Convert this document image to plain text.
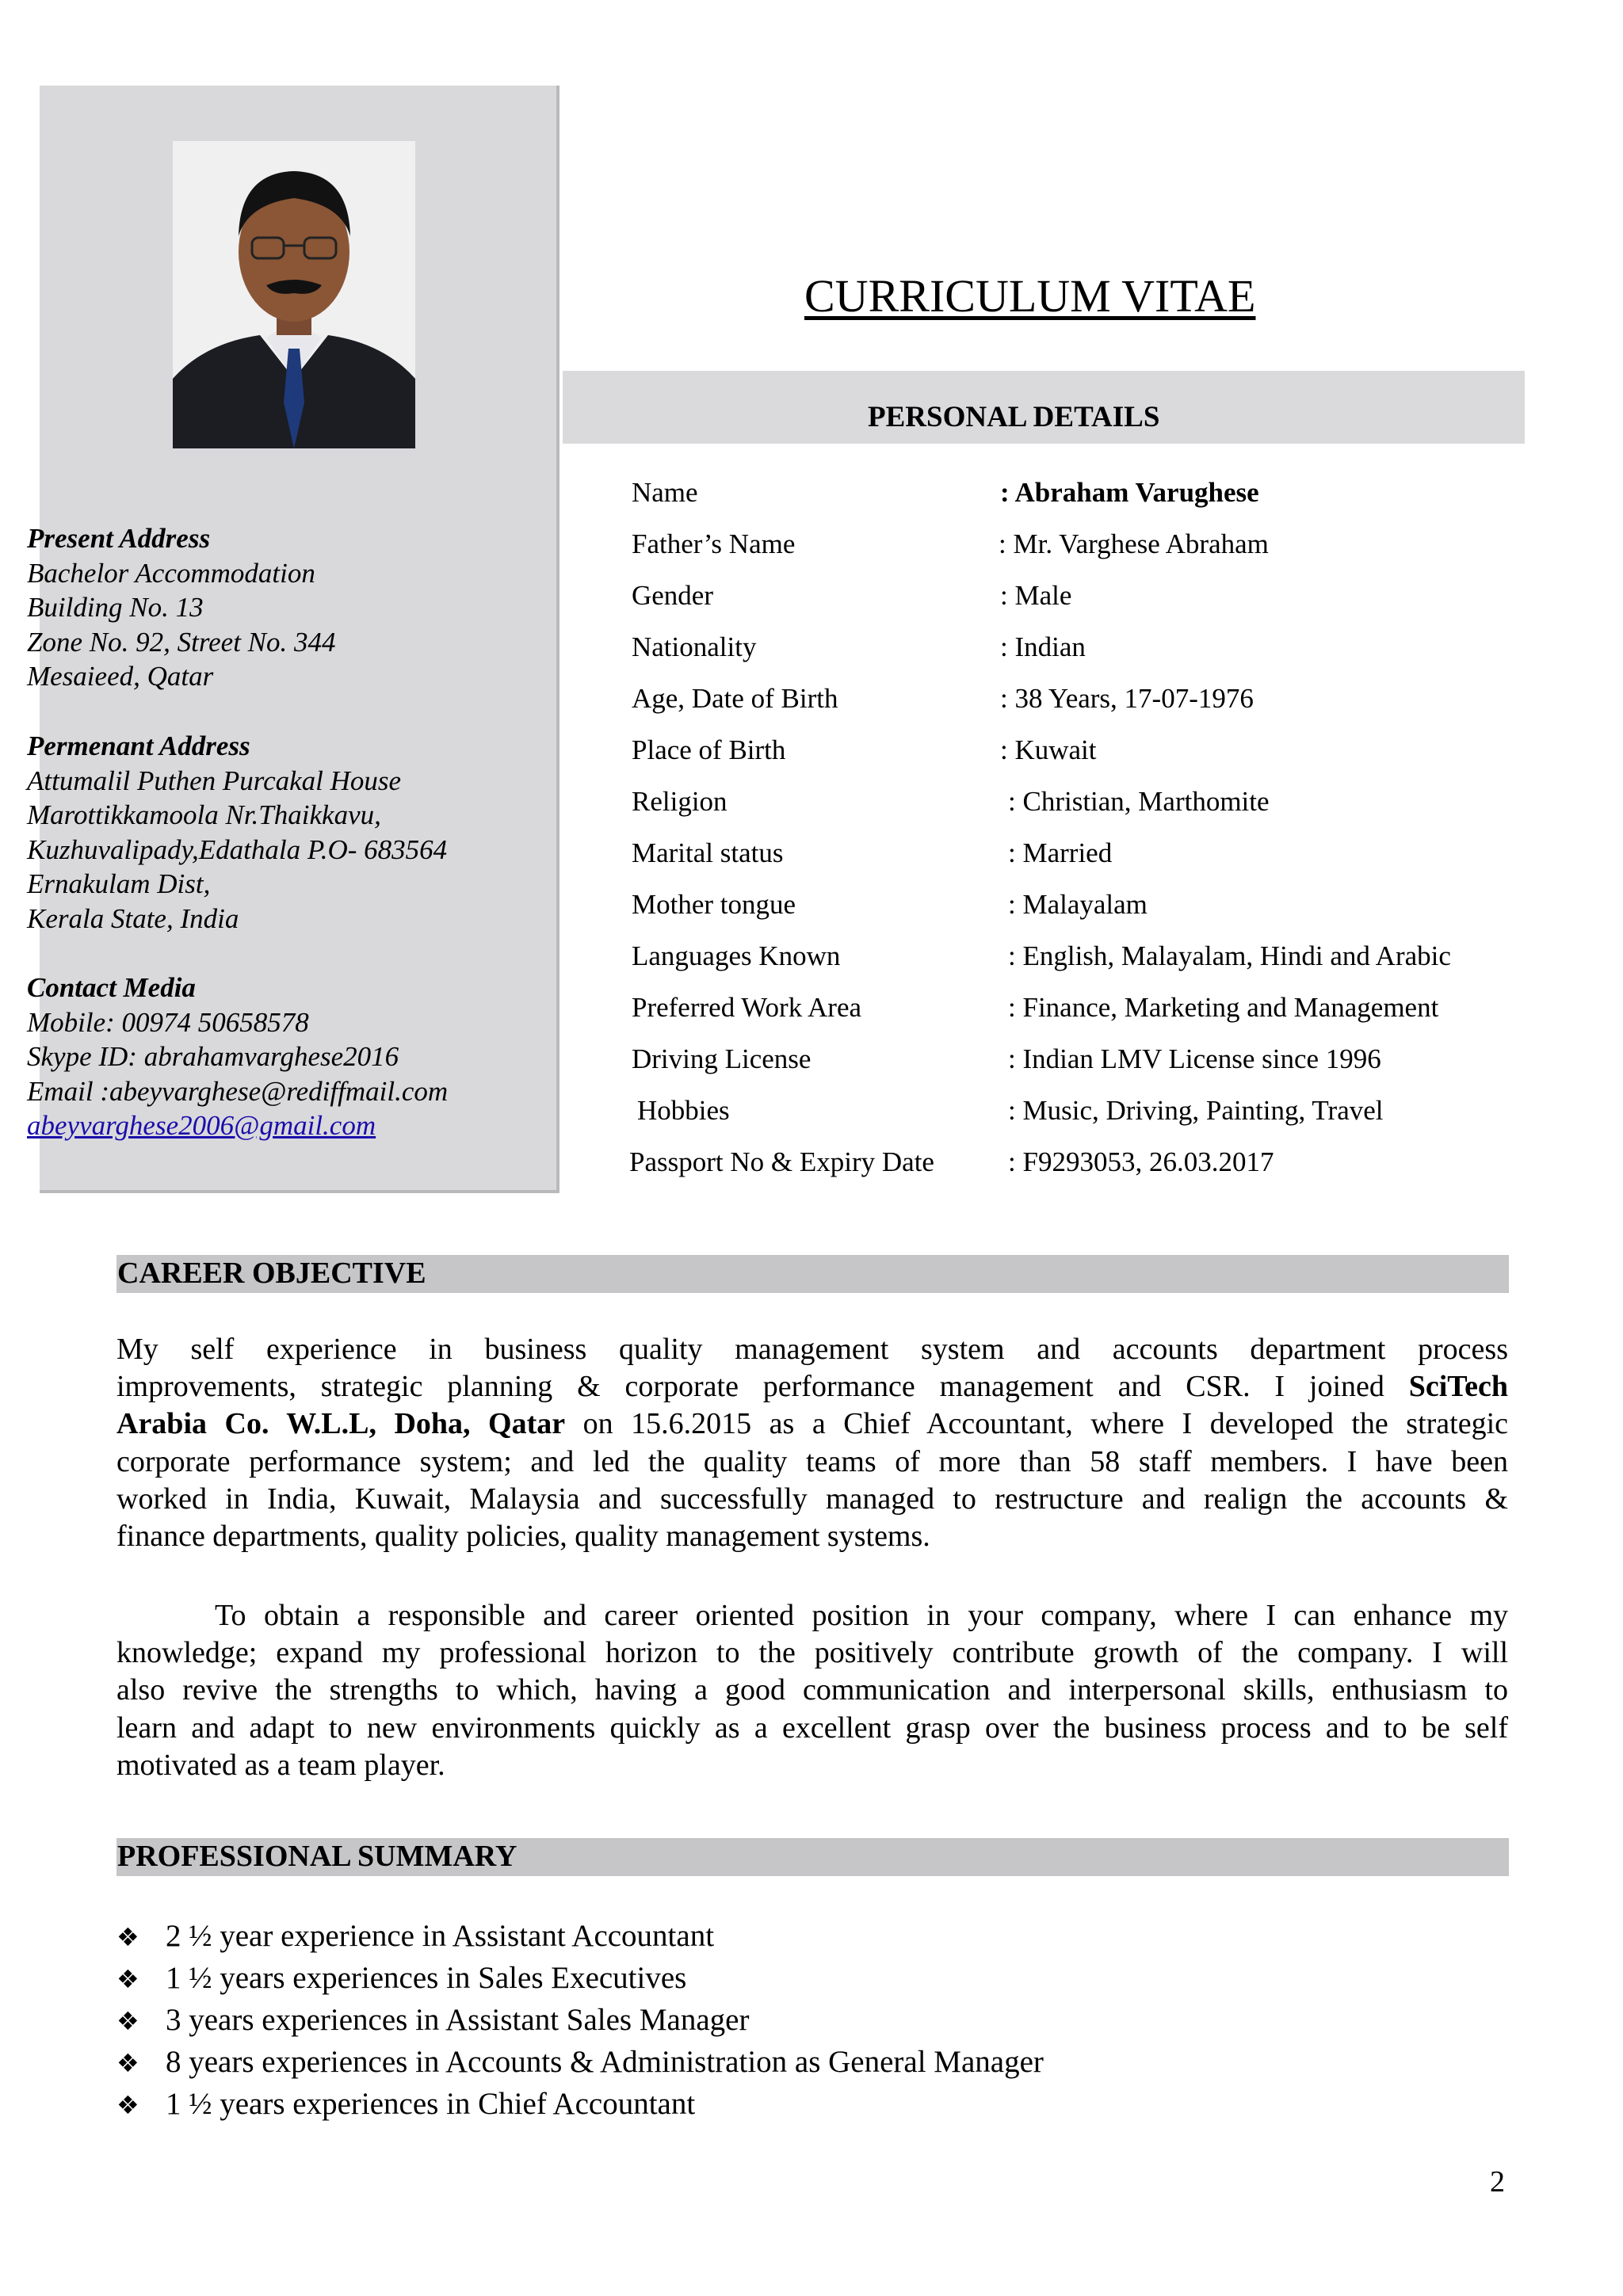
Present Address
Bachelor Accommodation
Building No. 13
Zone No. 92, Street No. 344
Mesaieed, Qatar
Permenant Address
Attumalil Puthen Purcakal House
Marottikkamoola Nr.Thaikkavu,
Kuzhuvalipady,Edathala P.O- 683564
Ernakulam Dist,
Kerala State, India
Contact Media
Mobile: 00974 50658578
Skype ID: abrahamvarghese2016
Email :abeyvarghese@rediffmail.com
abeyvarghese2006@gmail.com
CURRICULUM VITAE
PERSONAL DETAILS
Name	: Abraham Varughese
Father’s Name	: Mr. Varghese Abraham
Gender	: Male
Nationality	: Indian
Age, Date of Birth	: 38 Years, 17-07-1976
Place of Birth	: Kuwait
Religion	: Christian, Marthomite
Marital status	: Married
Mother tongue	: Malayalam
Languages Known	: English, Malayalam, Hindi and Arabic
Preferred Work Area	: Finance, Marketing and Management
Driving License	: Indian LMV License since 1996
Hobbies	: Music, Driving, Painting, Travel
Passport No & Expiry Date	: F9293053, 26.03.2017
CAREER OBJECTIVE
My self experience in business quality management system and accounts department process
improvements, strategic planning & corporate performance management and CSR. I joined SciTech
Arabia Co. W.L.L, Doha, Qatar on 15.6.2015 as a Chief Accountant, where I developed the strategic
corporate performance system; and led the quality teams of more than 58 staff members. I have been
worked in India, Kuwait, Malaysia and successfully managed to restructure and realign the accounts &
finance departments, quality policies, quality management systems.
To obtain a responsible and career oriented position in your company, where I can enhance my
knowledge; expand my professional horizon to the positively contribute growth of the company. I will
also revive the strengths to which, having a good communication and interpersonal skills, enthusiasm to
learn and adapt to new environments quickly as a excellent grasp over the business process and to be self
motivated as a team player.
PROFESSIONAL SUMMARY
❖ 2 ½ year experience in Assistant Accountant
❖ 1 ½ years experiences in Sales Executives
❖ 3 years experiences in Assistant Sales Manager
❖ 8 years experiences in Accounts & Administration as General Manager
❖ 1 ½ years experiences in Chief Accountant
2
